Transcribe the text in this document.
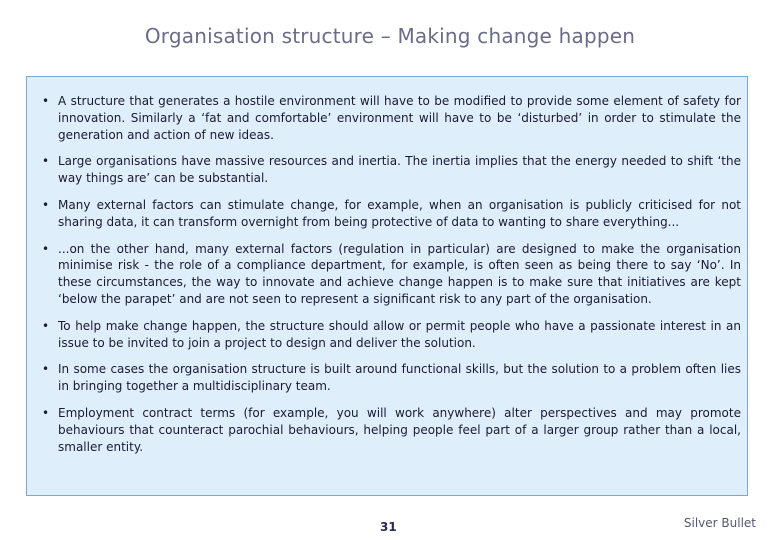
Organisation structure – Making change happen
• A structure that generates a hostile environment will have to be modified to provide some element of safety for innovation. Similarly a ‘fat and comfortable’ environment will have to be ‘disturbed’ in order to stimulate the generation and action of new ideas.
• Large organisations have massive resources and inertia. The inertia implies that the energy needed to shift ‘the way things are’ can be substantial.
• Many external factors can stimulate change, for example, when an organisation is publicly criticised for not sharing data, it can transform overnight from being protective of data to wanting to share everything...
• ...on the other hand, many external factors (regulation in particular) are designed to make the organisation minimise risk - the role of a compliance department, for example, is often seen as being there to say ‘No’. In these circumstances, the way to innovate and achieve change happen is to make sure that initiatives are kept ‘below the parapet’ and are not seen to represent a significant risk to any part of the organisation.
• To help make change happen, the structure should allow or permit people who have a passionate interest in an issue to be invited to join a project to design and deliver the solution.
• In some cases the organisation structure is built around functional skills, but the solution to a problem often lies in bringing together a multidisciplinary team.
• Employment contract terms (for example, you will work anywhere) alter perspectives and may promote behaviours that counteract parochial behaviours, helping people feel part of a larger group rather than a local, smaller entity.
31	Silver Bullet
